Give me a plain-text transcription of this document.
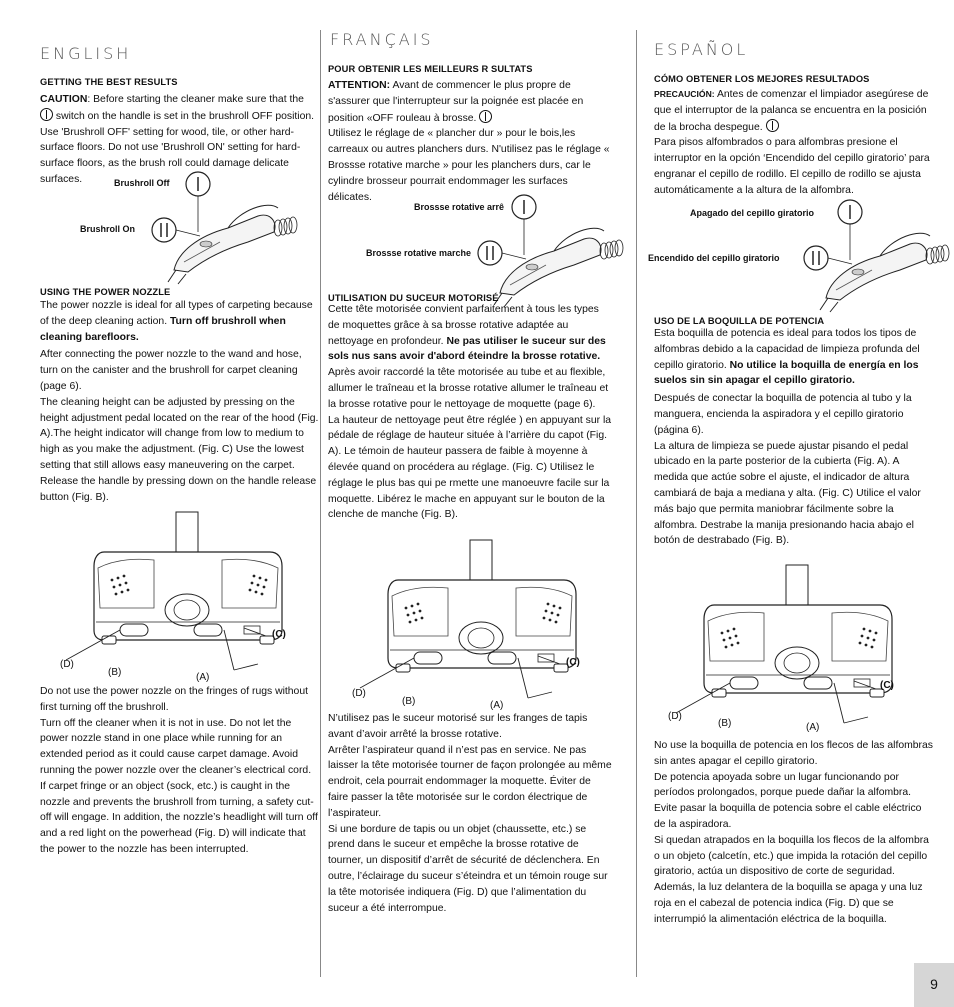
ENGLISH
GETTING THE BEST RESULTS

CAUTION: Before starting the cleaner make sure that the  switch on the handle is set in the brushroll OFF position. Use 'Brushroll OFF' setting for wood, tile, or other hard-surface floors. Do not use 'Brushroll ON' setting for hard-surface floors, as the brush roll could damage delicate surfaces.	Brushroll Off
Brushroll On
USING THE POWER NOZZLE

The power nozzle is ideal for all types of carpeting because of the deep cleaning action. Turn off brushroll when cleaning barefloors.

After connecting the power nozzle to the wand and hose, turn on the canister and the brushroll for carpet cleaning (page 6).

The cleaning height can be adjusted by pressing on the height adjustment pedal located on the rear of the hood (Fig. A).The height indicator will change from low to medium to high as you make the adjustment. (Fig. C) Use the lowest setting that still allows easy maneuvering on the carpet. Release the handle by pressing down on the handle release button (Fig. B).

(C)
(D)
(B)	(A)

Do not use the power nozzle on the fringes of rugs without first turning off the brushroll.

Turn off the cleaner when it is not in use. Do not let the power nozzle stand in one place while running for an extended period as it could cause carpet damage. Avoid running the power nozzle over the cleaner’s electrical cord.

If carpet fringe or an object (sock, etc.) is caught in the nozzle and prevents the brushroll from turning, a safety cut-off will engage. In addition, the nozzle’s headlight will turn off and a red light on the powerhead (Fig. D) will indicate that the power to the nozzle has been interrupted.

FRANÇAIS
POUR OBTENIR LES MEILLEURS R SULTATS

ATTENTION: Avant de commencer le plus propre de s'assurer que l'interrupteur sur la poignée est placée en position «OFF rouleau à brosse.

Utilisez le réglage de « plancher dur » pour le bois,les carreaux ou autres planchers durs. N'utilisez pas le réglage « Brossse rotative marche » pour les planchers durs, car le cylindre brosseur pourrait endommager les surfaces délicates.

Brossse rotative arrê
Brossse rotative marche
UTILISATION DU SUCEUR MOTORISÉ

Cette tête motorisée convient parfaitement à tous les types de moquettes grâce à sa brosse rotative adaptée au nettoyage en profondeur. Ne pas utiliser le suceur sur des sols nus sans avoir d'abord éteindre la brosse rotative.

Après avoir raccordé la tête motorisée au tube et au flexible, allumer le traîneau et la brosse rotative allumer le traîneau et la brosse rotative pour le nettoyage de moquette (page 6).

La hauteur de nettoyage peut être réglée ) en appuyant sur la pédale de réglage de hauteur située à l’arrière du capot (Fig. A). Le témoin de hauteur passera de faible à moyenne à élevée quand on procédera au réglage. (Fig. C) Utilisez le réglage le plus bas qui pe rmette une manoeuvre facile sur la moquette. Libérez le mache en appuyant sur le bouton de la clenche de manche (Fig. B).

(C)
(D)
(B)	(A)

N’utilisez pas le suceur motorisé sur les franges de tapis avant d’avoir arrêté la brosse rotative.

Arrêter l’aspirateur quand il n’est pas en service. Ne pas laisser la tête motorisée tourner de façon prolongée au même endroit, cela pourrait endommager la moquette. Éviter de faire passer la tête motorisée sur le cordon électrique de l’aspirateur.

Si une bordure de tapis ou un objet (chaussette, etc.) se prend dans le suceur et empêche la brosse rotative de tourner, un dispositif d’arrêt de sécurité de déclenchera. En outre, l’éclairage du suceur s’éteindra et un témoin rouge sur la tête motorisée indiquera (Fig. D) que l’alimentation du suceur a été interrompue.

ESPAÑOL
CÓMO OBTENER LOS MEJORES RESULTADOS

PRECAUCIÓN: Antes de comenzar el limpiador asegúrese de que el interruptor de la palanca se encuentra en la posición de la brocha despegue.

Para pisos alfombrados o para alfombras presione el interruptor en la opción ‘Encendido del cepillo giratorio’ para engranar el cepillo de rodillo. El cepillo de rodillo se ajusta automáticamente a la altura de la alfombra.

Apagado del cepillo giratorio
Encendido del cepillo giratorio
USO DE LA BOQUILLA DE POTENCIA

Esta boquilla de potencia es ideal para todos los tipos de alfombras debido a la capacidad de limpieza profunda del cepillo giratorio. No utilice la boquilla de energía en los suelos sin sin apagar el cepillo giratorio.

Después de conectar la boquilla de potencia al tubo y la manguera, encienda la aspiradora y el cepillo giratorio (página 6).

La altura de limpieza se puede ajustar pisando el pedal ubicado en la parte posterior de la cubierta (Fig. A). A medida que actúe sobre el ajuste, el indicador de altura cambiará de baja a mediana y alta. (Fig. C) Utilice el valor más bajo que permita maniobrar fácilmente sobre la alfombra. Destrabe la manija presionando hacia abajo el botón de destrabado (Fig. B).

(C)
(D)
(B)	(A)

No use la boquilla de potencia en los flecos de las alfombras sin antes apagar el cepillo giratorio.

De potencia apoyada sobre un lugar funcionando por períodos prolongados, porque puede dañar la alfombra. Evite pasar la boquilla de potencia sobre el cable eléctrico de la aspiradora.

Si quedan atrapados en la boquilla los flecos de la alfombra o un objeto (calcetín, etc.) que impida la rotación del cepillo giratorio, actúa un dispositivo de corte de seguridad. Además, la luz delantera de la boquilla se apaga y una luz roja en el cabezal de potencia indica (Fig. D) que se interrumpió la alimentación eléctrica de la boquilla.

9
